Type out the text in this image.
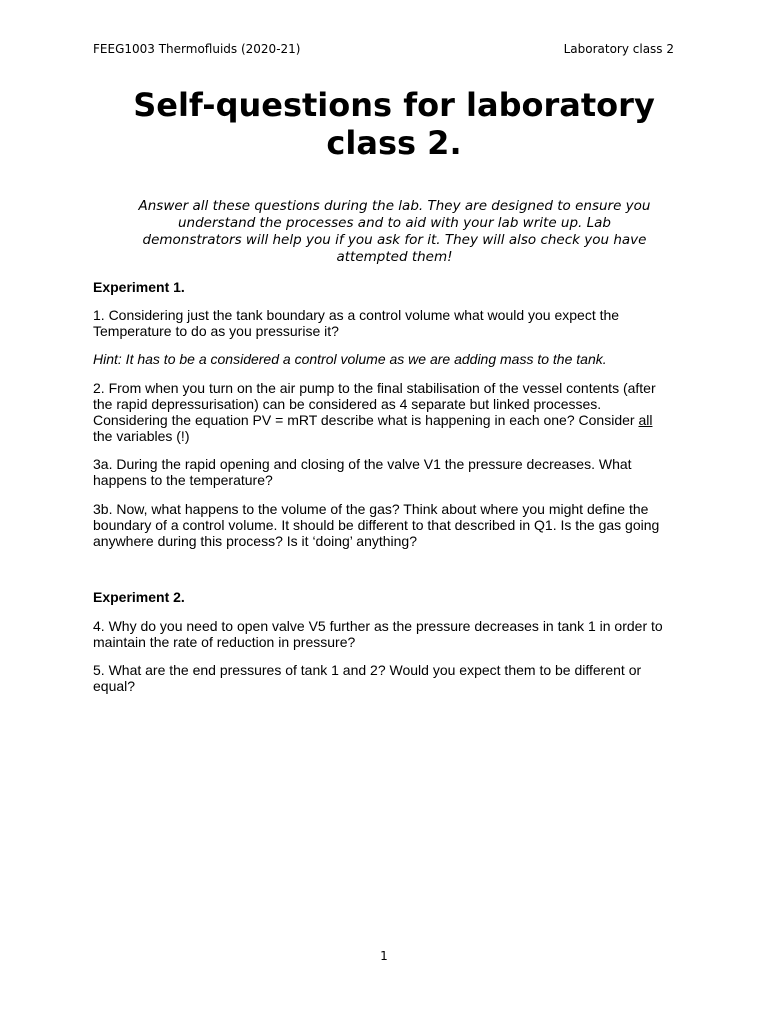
FEEG1003 Thermofluids (2020-21)	Laboratory class 2
Self-questions for laboratory
class 2.
Answer all these questions during the lab. They are designed to ensure you
understand the processes and to aid with your lab write up. Lab
demonstrators will help you if you ask for it. They will also check you have
attempted them!
Experiment 1.
1. Considering just the tank boundary as a control volume what would you expect the
Temperature to do as you pressurise it?
Hint: It has to be a considered a control volume as we are adding mass to the tank.
2. From when you turn on the air pump to the final stabilisation of the vessel contents (after
the rapid depressurisation) can be considered as 4 separate but linked processes.
Considering the equation PV = mRT describe what is happening in each one? Consider all
the variables (!)
3a. During the rapid opening and closing of the valve V1 the pressure decreases. What
happens to the temperature?
3b. Now, what happens to the volume of the gas? Think about where you might define the
boundary of a control volume. It should be different to that described in Q1. Is the gas going
anywhere during this process? Is it ‘doing’ anything?
Experiment 2.
4. Why do you need to open valve V5 further as the pressure decreases in tank 1 in order to
maintain the rate of reduction in pressure?
5. What are the end pressures of tank 1 and 2? Would you expect them to be different or
equal?
1
